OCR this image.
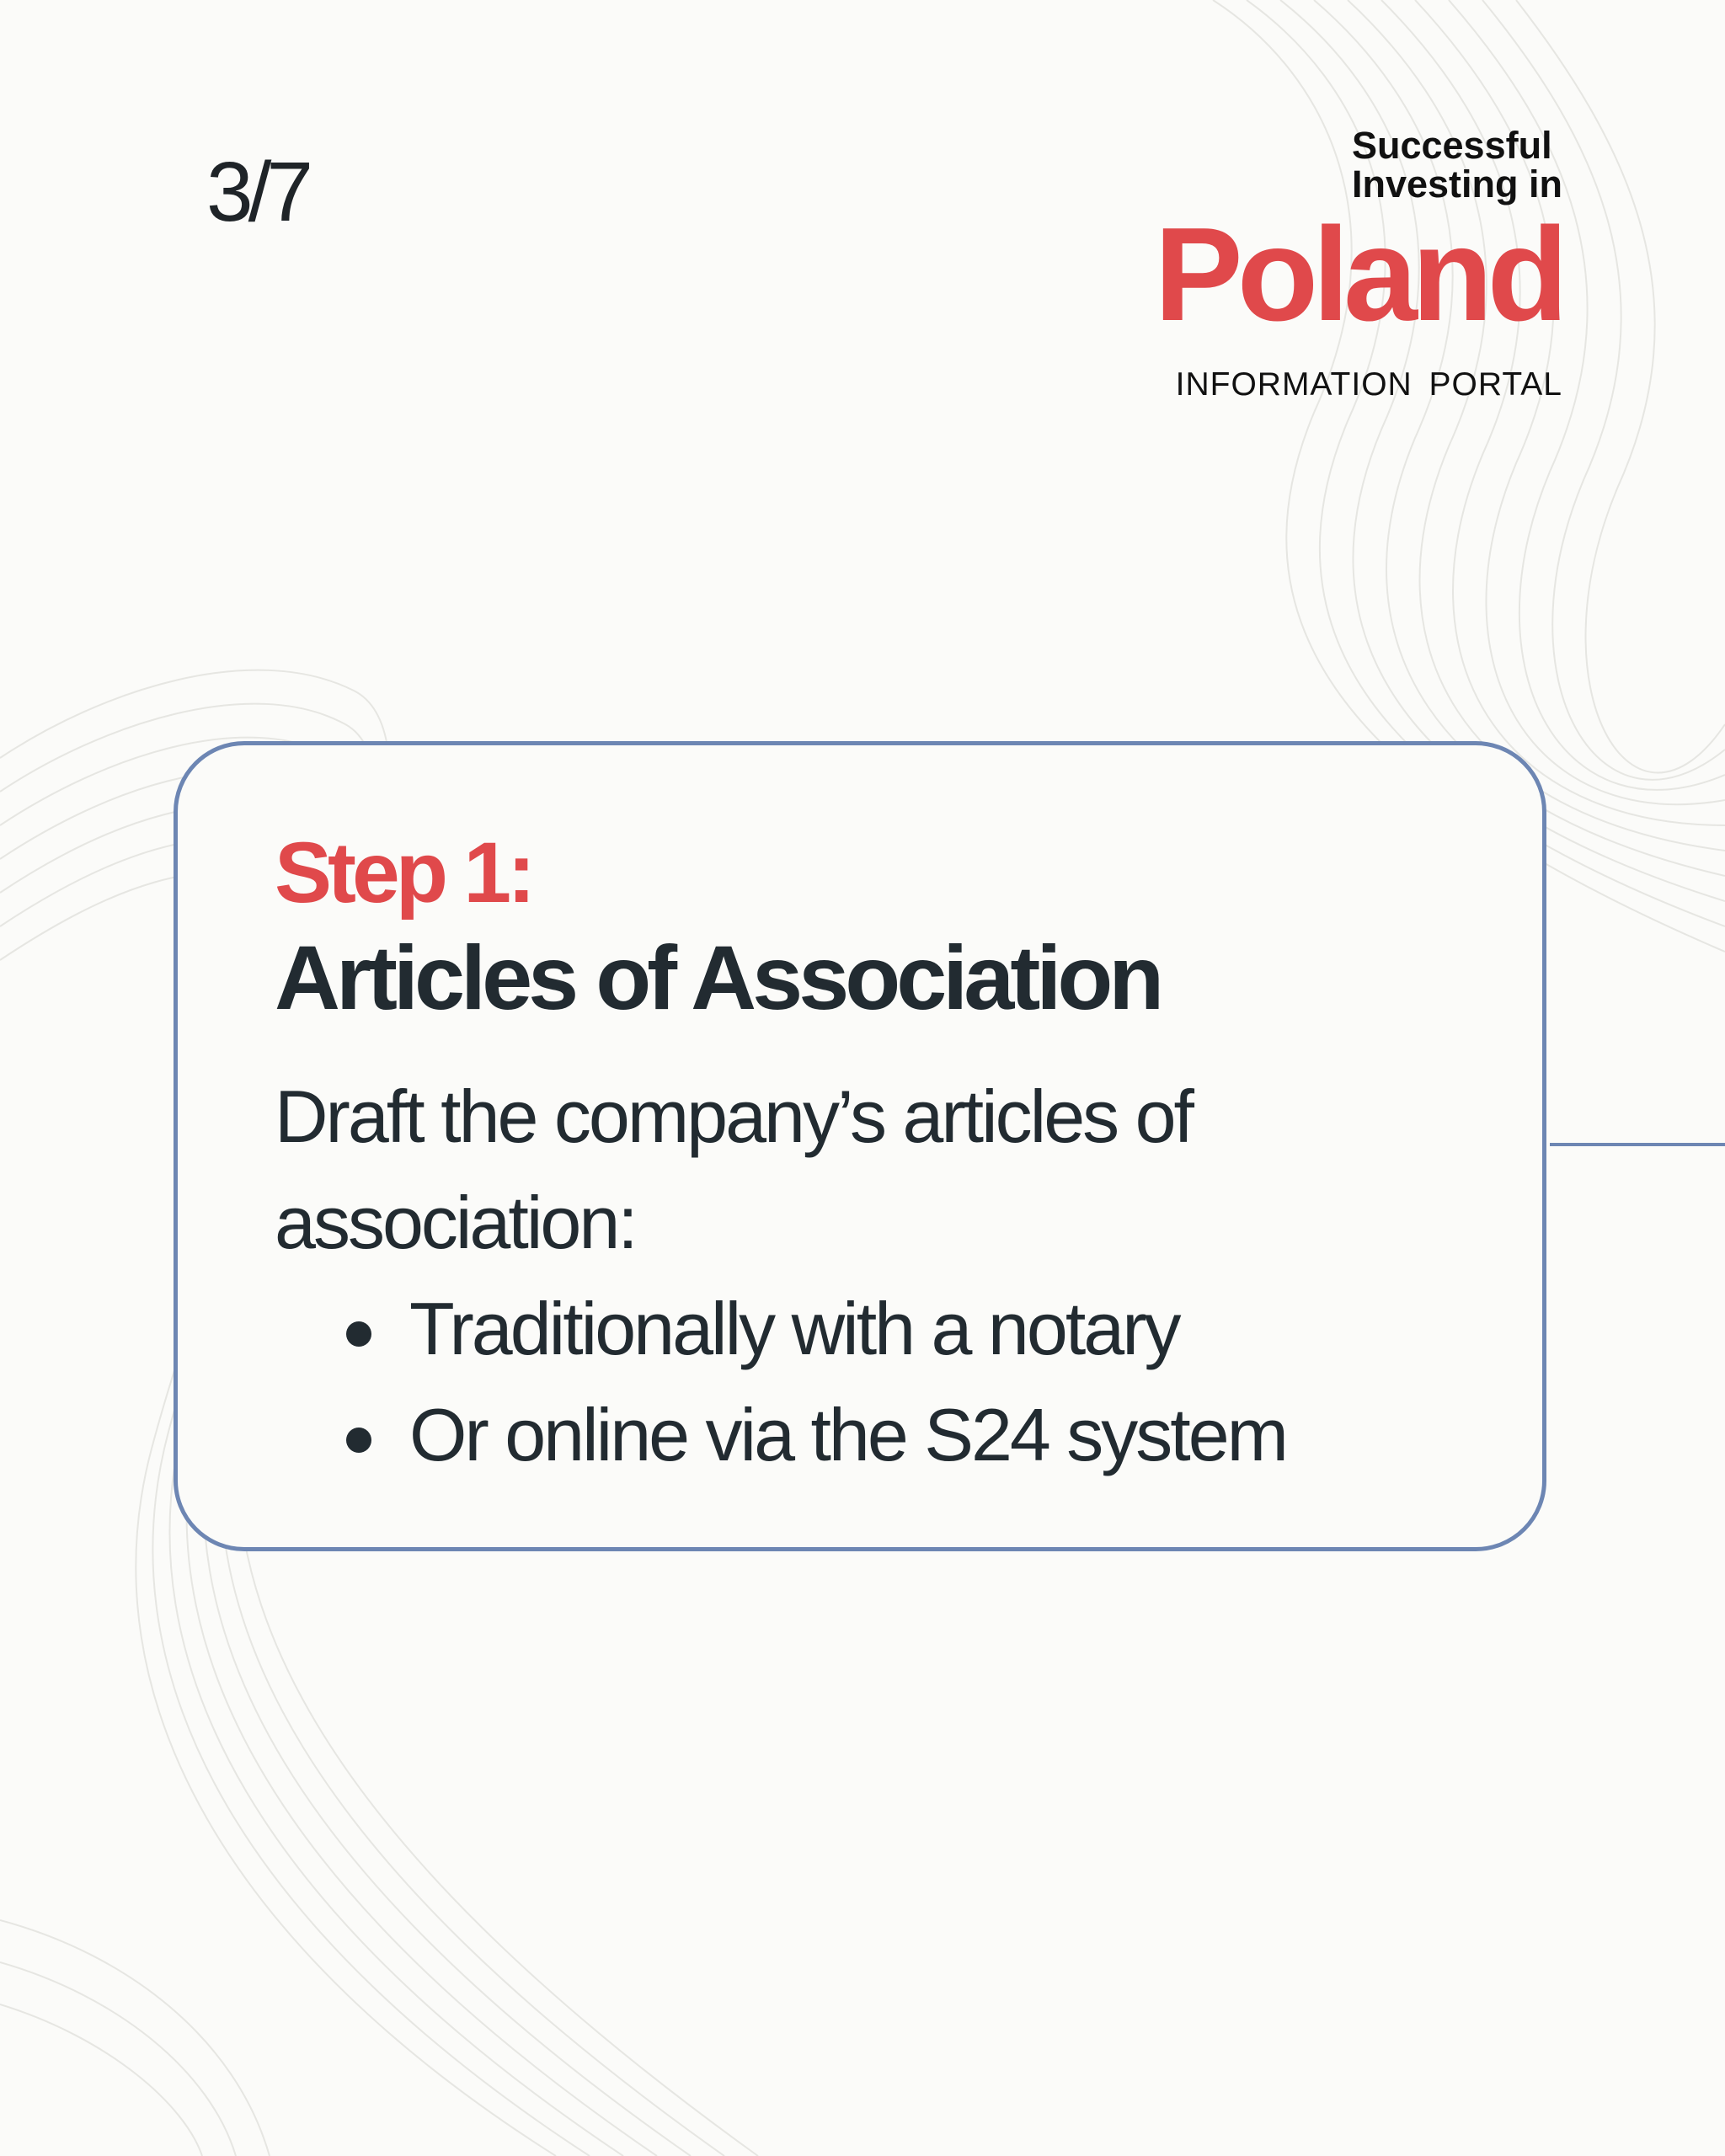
3/7	Successful
Investing in
Poland
INFORMATION PORTAL
Step 1:
Articles of Association
Draft the company’s articles of association:
Traditionally with a notary
Or online via the S24 system
